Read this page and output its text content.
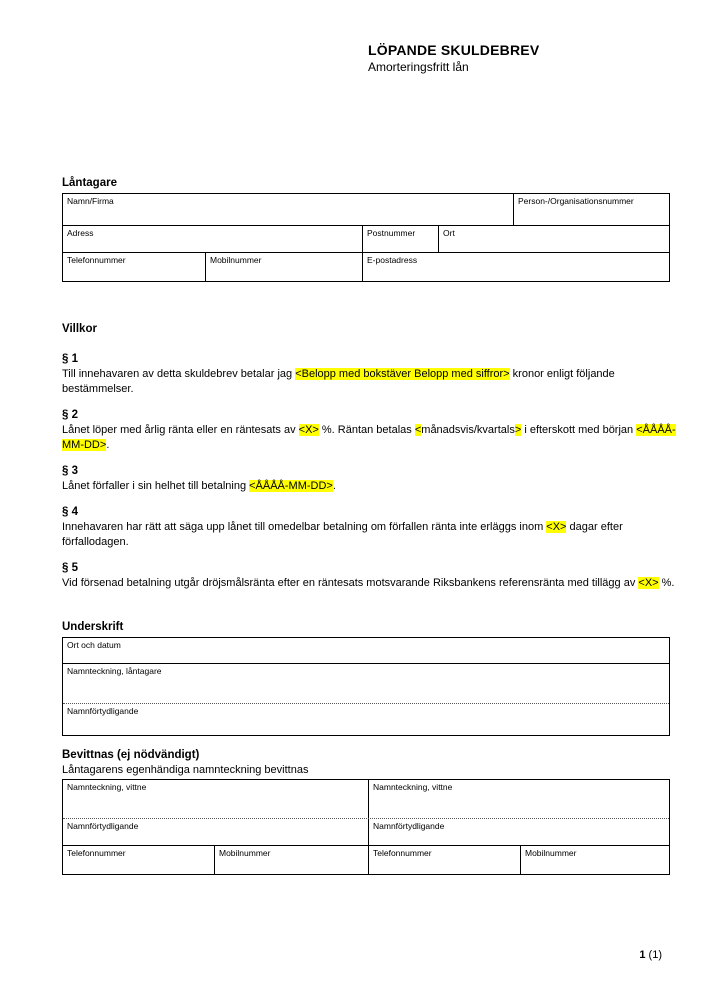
LÖPANDE SKULDEBREV
Amorteringsfritt lån
Låntagare
Namn/Firma	Person-/Organisationsnummer
Adress	Postnummer	Ort
Telefonnummer	Mobilnummer	E-postadress
Villkor
§ 1
Till innehavaren av detta skuldebrev betalar jag <Belopp med bokstäver Belopp med siffror> kronor enligt följande bestämmelser.
§ 2
Lånet löper med årlig ränta eller en räntesats av <X> %. Räntan betalas <månadsvis/kvartals> i efterskott med början <ÅÅÅÅ-MM-DD>.
§ 3
Lånet förfaller i sin helhet till betalning <ÅÅÅÅ-MM-DD>.
§ 4
Innehavaren har rätt att säga upp lånet till omedelbar betalning om förfallen ränta inte erläggs inom <X> dagar efter förfallodagen.
§ 5
Vid försenad betalning utgår dröjsmålsränta efter en räntesats motsvarande Riksbankens referensränta med tillägg av <X> %.
Underskrift
Ort och datum
Namnteckning, låntagare
Namnförtydligande
Bevittnas (ej nödvändigt)
Låntagarens egenhändiga namnteckning bevittnas
Namnteckning, vittne	Namnteckning, vittne
Namnförtydligande	Namnförtydligande
Telefonnummer	Mobilnummer	Telefonnummer	Mobilnummer
1 (1)
